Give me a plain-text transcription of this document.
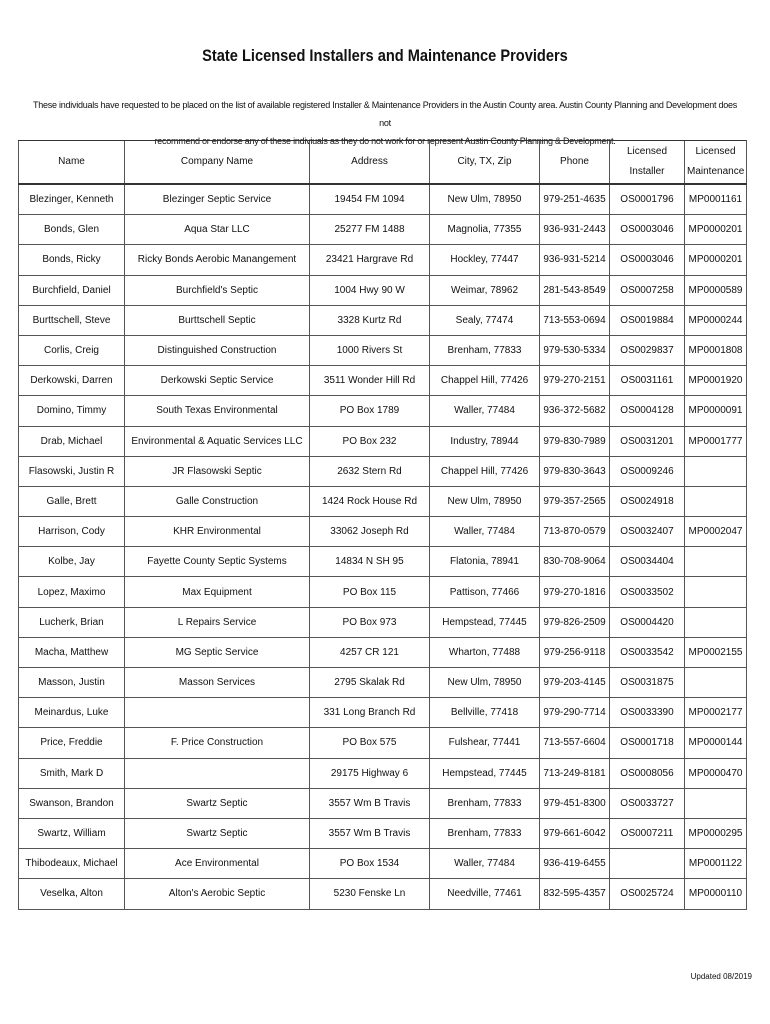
State Licensed Installers and Maintenance Providers
These individuals have requested to be placed on the list of available registered Installer & Maintenance Providers in the Austin County area. Austin County Planning and Development does not
recommend or endorse any of these indiviuals as they do not work for or represent Austin County Planning & Development.
Name	Company Name	Address	City, TX, Zip	Phone	Licensed Installer	Licensed
Maintenance

Blezinger, Kenneth	Blezinger Septic Service	19454 FM 1094	New Ulm, 78950	979-251-4635	OS0001796	MP0001161
Bonds, Glen	Aqua Star LLC	25277 FM 1488	Magnolia, 77355	936-931-2443	OS0003046	MP0000201
Bonds, Ricky	Ricky Bonds Aerobic Manangement	23421 Hargrave Rd	Hockley, 77447	936-931-5214	OS0003046	MP0000201
Burchfield, Daniel	Burchfield's Septic	1004 Hwy 90 W	Weimar, 78962	281-543-8549	OS0007258	MP0000589
Burttschell, Steve	Burttschell Septic	3328 Kurtz Rd	Sealy, 77474	713-553-0694	OS0019884	MP0000244
Corlis, Creig	Distinguished Construction	1000 Rivers St	Brenham, 77833	979-530-5334	OS0029837	MP0001808
Derkowski, Darren	Derkowski Septic Service	3511 Wonder Hill Rd	Chappel Hill, 77426	979-270-2151	OS0031161	MP0001920
Domino, Timmy	South Texas Environmental	PO Box 1789	Waller, 77484	936-372-5682	OS0004128	MP0000091
Drab, Michael	Environmental & Aquatic Services LLC	PO Box 232	Industry, 78944	979-830-7989	OS0031201	MP0001777
Flasowski, Justin R	JR Flasowski Septic	2632 Stern Rd	Chappel Hill, 77426	979-830-3643	OS0009246	
Galle, Brett	Galle Construction	1424 Rock House Rd	New Ulm, 78950	979-357-2565	OS0024918	
Harrison, Cody	KHR Environmental	33062 Joseph Rd	Waller, 77484	713-870-0579	OS0032407	MP0002047
Kolbe, Jay	Fayette County Septic Systems	14834 N SH 95	Flatonia, 78941	830-708-9064	OS0034404	
Lopez, Maximo	Max Equipment	PO Box 115	Pattison, 77466	979-270-1816	OS0033502	
Lucherk, Brian	L Repairs Service	PO Box 973	Hempstead, 77445	979-826-2509	OS0004420	
Macha, Matthew	MG Septic Service	4257 CR 121	Wharton, 77488	979-256-9118	OS0033542	MP0002155
Masson, Justin	Masson Services	2795 Skalak Rd	New Ulm, 78950	979-203-4145	OS0031875	
Meinardus, Luke		331 Long Branch Rd	Bellville, 77418	979-290-7714	OS0033390	MP0002177
Price, Freddie	F. Price Construction	PO Box 575	Fulshear, 77441	713-557-6604	OS0001718	MP0000144
Smith, Mark D		29175 Highway 6	Hempstead, 77445	713-249-8181	OS0008056	MP0000470
Swanson, Brandon	Swartz Septic	3557 Wm B Travis	Brenham, 77833	979-451-8300	OS0033727	
Swartz, William	Swartz Septic	3557 Wm B Travis	Brenham, 77833	979-661-6042	OS0007211	MP0000295
Thibodeaux, Michael	Ace Environmental	PO Box 1534	Waller, 77484	936-419-6455		MP0001122
Veselka, Alton	Alton's Aerobic Septic	5230 Fenske Ln	Needville, 77461	832-595-4357	OS0025724	MP0000110
Updated 08/2019
